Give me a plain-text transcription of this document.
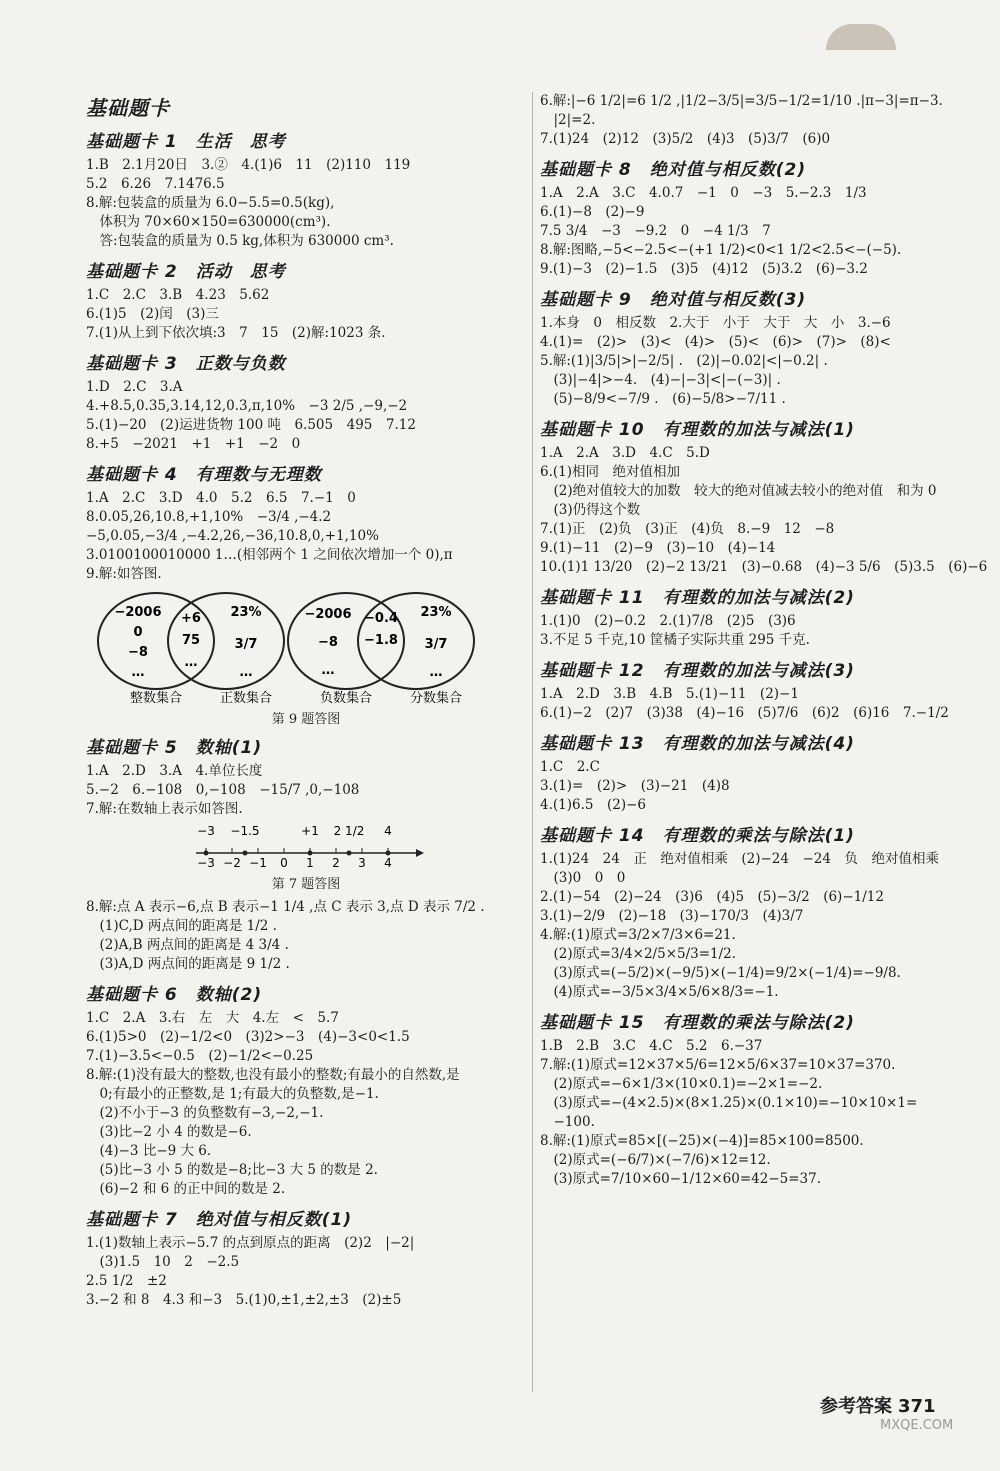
基础题卡
基础题卡 1　生活　思考
1.B　2.1月20日　3.②　4.(1)6　11　(2)110　119
5.2　6.26　7.1476.5
8.解:包装盒的质量为 6.0−5.5=0.5(kg),
　体积为 70×60×150=630000(cm³).
　答:包装盒的质量为 0.5 kg,体积为 630000 cm³.
基础题卡 2　活动　思考
1.C　2.C　3.B　4.23　5.62
6.(1)5　(2)闰　(3)三
7.(1)从上到下依次填:3　7　15　(2)解:1023 条.
基础题卡 3　正数与负数
1.D　2.C　3.A
4.+8.5,0.35,3.14,12,0.3,π,10%　−3 2/5 ,−9,−2
5.(1)−20　(2)运进货物 100 吨　6.505　495　7.12
8.+5　−2021　+1　+1　−2　0
基础题卡 4　有理数与无理数
1.A　2.C　3.D　4.0　5.2　6.5　7.−1　0
8.0.05,26,10.8,+1,10%　−3/4 ,−4.2
−5,0.05,−3/4 ,−4.2,26,−36,10.8,0,+1,10%
3.0100100010000 1…(相邻两个 1 之间依次增加一个 0),π
9.解:如答图.
−2006
0
−8
…
+6
75
…
23%
3/7
…
−2006
−8
…
−0.4
−1.8
23%
3/7
…
整数集合	正数集合	负数集合	分数集合
第 9 题答图
基础题卡 5　数轴(1)
1.A　2.D　3.A　4.单位长度
5.−2　6.−108　0,−108　−15/7 ,0,−108
7.解:在数轴上表示如答图.
−3 −2 −1 0 1 2 3 4
−3 −1.5	+1 2 1/2 4
第 7 题答图
8.解:点 A 表示−6,点 B 表示−1 1/4 ,点 C 表示 3,点 D 表示 7/2 .
　(1)C,D 两点间的距离是 1/2 .
　(2)A,B 两点间的距离是 4 3/4 .
　(3)A,D 两点间的距离是 9 1/2 .
基础题卡 6　数轴(2)
1.C　2.A　3.右　左　大　4.左　<　5.7
6.(1)5>0　(2)−1/2<0　(3)2>−3　(4)−3<0<1.5
7.(1)−3.5<−0.5　(2)−1/2<−0.25
8.解:(1)没有最大的整数,也没有最小的整数;有最小的自然数,是
　0;有最小的正整数,是 1;有最大的负整数,是−1.
　(2)不小于−3 的负整数有−3,−2,−1.
　(3)比−2 小 4 的数是−6.
　(4)−3 比−9 大 6.
　(5)比−3 小 5 的数是−8;比−3 大 5 的数是 2.
　(6)−2 和 6 的正中间的数是 2.
基础题卡 7　绝对值与相反数(1)
1.(1)数轴上表示−5.7 的点到原点的距离　(2)2　|−2|
　(3)1.5　10　2　−2.5
2.5 1/2　±2
3.−2 和 8　4.3 和−3　5.(1)0,±1,±2,±3　(2)±5
6.解:|−6 1/2|=6 1/2 ,|1/2−3/5|=3/5−1/2=1/10 .|π−3|=π−3.
　|2|=2.
7.(1)24　(2)12　(3)5/2　(4)3　(5)3/7　(6)0
基础题卡 8　绝对值与相反数(2)
1.A　2.A　3.C　4.0.7　−1　0　−3　5.−2.3　1/3
6.(1)−8　(2)−9
7.5 3/4　−3　−9.2　0　−4 1/3　7
8.解:图略,−5<−2.5<−(+1 1/2)<0<1 1/2<2.5<−(−5).
9.(1)−3　(2)−1.5　(3)5　(4)12　(5)3.2　(6)−3.2
基础题卡 9　绝对值与相反数(3)
1.本身　0　相反数　2.大于　小于　大于　大　小　3.−6
4.(1)=　(2)>　(3)<　(4)>　(5)<　(6)>　(7)>　(8)<
5.解:(1)|3/5|>|−2/5| .　(2)|−0.02|<|−0.2| .
　(3)|−4|>−4.　(4)−|−3|<|−(−3)| .
　(5)−8/9<−7/9 .　(6)−5/8>−7/11 .
基础题卡 10　有理数的加法与减法(1)
1.A　2.A　3.D　4.C　5.D
6.(1)相同　绝对值相加
　(2)绝对值较大的加数　较大的绝对值减去较小的绝对值　和为 0
　(3)仍得这个数
7.(1)正　(2)负　(3)正　(4)负　8.−9　12　−8
9.(1)−11　(2)−9　(3)−10　(4)−14
10.(1)1 13/20　(2)−2 13/21　(3)−0.68　(4)−3 5/6　(5)3.5　(6)−6
基础题卡 11　有理数的加法与减法(2)
1.(1)0　(2)−0.2　2.(1)7/8　(2)5　(3)6
3.不足 5 千克,10 筐橘子实际共重 295 千克.
基础题卡 12　有理数的加法与减法(3)
1.A　2.D　3.B　4.B　5.(1)−11　(2)−1
6.(1)−2　(2)7　(3)38　(4)−16　(5)7/6　(6)2　(6)16　7.−1/2
基础题卡 13　有理数的加法与减法(4)
1.C　2.C
3.(1)=　(2)>　(3)−21　(4)8
4.(1)6.5　(2)−6
基础题卡 14　有理数的乘法与除法(1)
1.(1)24　24　正　绝对值相乘　(2)−24　−24　负　绝对值相乘
　(3)0　0　0
2.(1)−54　(2)−24　(3)6　(4)5　(5)−3/2　(6)−1/12
3.(1)−2/9　(2)−18　(3)−170/3　(4)3/7
4.解:(1)原式=3/2×7/3×6=21.
　(2)原式=3/4×2/5×5/3=1/2.
　(3)原式=(−5/2)×(−9/5)×(−1/4)=9/2×(−1/4)=−9/8.
　(4)原式=−3/5×3/4×5/6×8/3=−1.
基础题卡 15　有理数的乘法与除法(2)
1.B　2.B　3.C　4.C　5.2　6.−37
7.解:(1)原式=12×37×5/6=12×5/6×37=10×37=370.
　(2)原式=−6×1/3×(10×0.1)=−2×1=−2.
　(3)原式=−(4×2.5)×(8×1.25)×(0.1×10)=−10×10×1=
　−100.
8.解:(1)原式=85×[(−25)×(−4)]=85×100=8500.
　(2)原式=(−6/7)×(−7/6)×12=12.
　(3)原式=7/10×60−1/12×60=42−5=37.
参考答案 371
MXQE.COM
